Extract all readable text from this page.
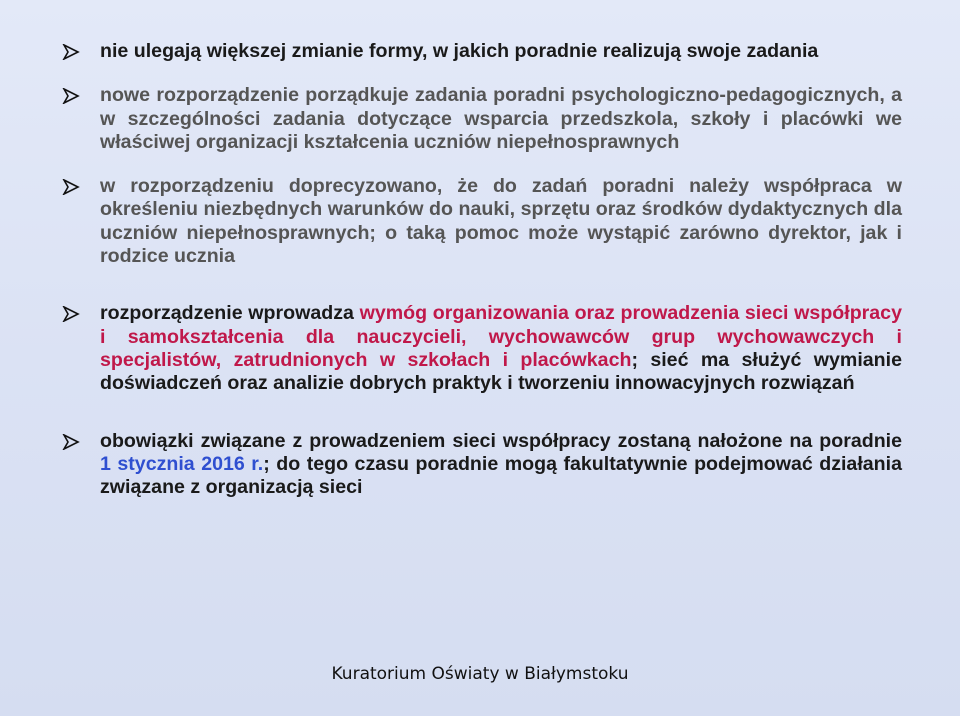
nie ulegają większej zmianie formy, w jakich poradnie realizują swoje zadania
nowe rozporządzenie porządkuje zadania poradni psychologiczno-pedagogicznych, a w szczególności zadania dotyczące wsparcia przedszkola, szkoły i placówki we właściwej organizacji kształcenia uczniów niepełnosprawnych
w rozporządzeniu doprecyzowano, że do zadań poradni należy współpraca w określeniu niezbędnych warunków do nauki, sprzętu oraz środków dydaktycznych dla uczniów niepełnosprawnych; o taką pomoc może wystąpić zarówno dyrektor, jak i rodzice ucznia
rozporządzenie wprowadza wymóg organizowania oraz prowadzenia sieci współpracy i samokształcenia dla nauczycieli, wychowawców grup wychowawczych i specjalistów, zatrudnionych w szkołach i placówkach; sieć ma służyć wymianie doświadczeń oraz analizie dobrych praktyk i tworzeniu innowacyjnych rozwiązań
obowiązki związane z prowadzeniem sieci współpracy zostaną nałożone na poradnie 1 stycznia 2016 r.; do tego czasu poradnie mogą fakultatywnie podejmować działania związane z organizacją sieci
Kuratorium Oświaty w Białymstoku
